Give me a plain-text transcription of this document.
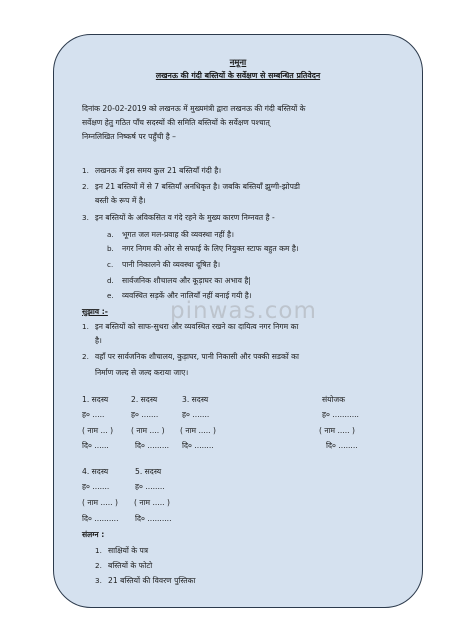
नमूना
लखनऊ की गंदी बस्तियों के सर्वेक्षण से सम्बन्धित प्रतिवेदन
दिनांक 20-02-2019 को लखनऊ में मुख्यमंत्री द्वारा लखनऊ की गंदी बस्तियों के
सर्वेक्षण हेतु गठित पाँच सदस्यों की समिति बस्तियों के सर्वेक्षण पश्चात्
निम्नलिखित निष्कर्ष पर पहुँची है –
1. लखनऊ में इस समय कुल 21 बस्तियाँ गंदी है।
2. इन 21 बस्तियों में से 7 बस्तियाँ अनधिकृत है। जबकि बस्तियाँ झुग्गी-झोपडी
बस्ती के रूप में है।
3. इन बस्तियों के अविकसित व गंदे रहने के मुख्य कारण निम्नवत है -
a. भूगत जल मल-प्रवाह की व्यवस्था नहीं है।
b. नगर निगम की ओर से सफाई के लिए नियुक्त स्टाफ बहुत कम है।
c. पानी निकालने की व्यवस्था दूषित है।
d. सार्वजनिक शौचालय और कूड़ाघर का अभाव है|
e. व्यवस्थित सड़कें और नालियाँ नहीं बनाई गयी है।
सुझाव :-
1. इन बस्तियों को साफ-सुथरा और व्यवस्थित रखने का दायित्व नगर निगम का
है।
2. वहाँ पर सार्वजनिक शौचालय, कुड़ाघर, पानी निकासी और पक्की सडकों का
निर्माण जल्द से जल्द कराया जाए।
1. सदस्य	2. सदस्य	3. सदस्य	संयोजक
ह० .....	ह० .......	ह० .......	ह० ...........
( नाम ... ) ( नाम .... ) ( नाम ..... )	( नाम ..... )
दि० ......	दि० ......... दि० ........	दि० ........
4. सदस्य	5. सदस्य
ह० .......	ह० ........
( नाम ..... ) ( नाम ..... )
दि० .......... दि० ..........
संलग्न :
1. साक्षियों के पत्र
2. बस्तियों के फोटो
3. 21 बस्तियों की विवरण पुस्तिका
pinwas.com
